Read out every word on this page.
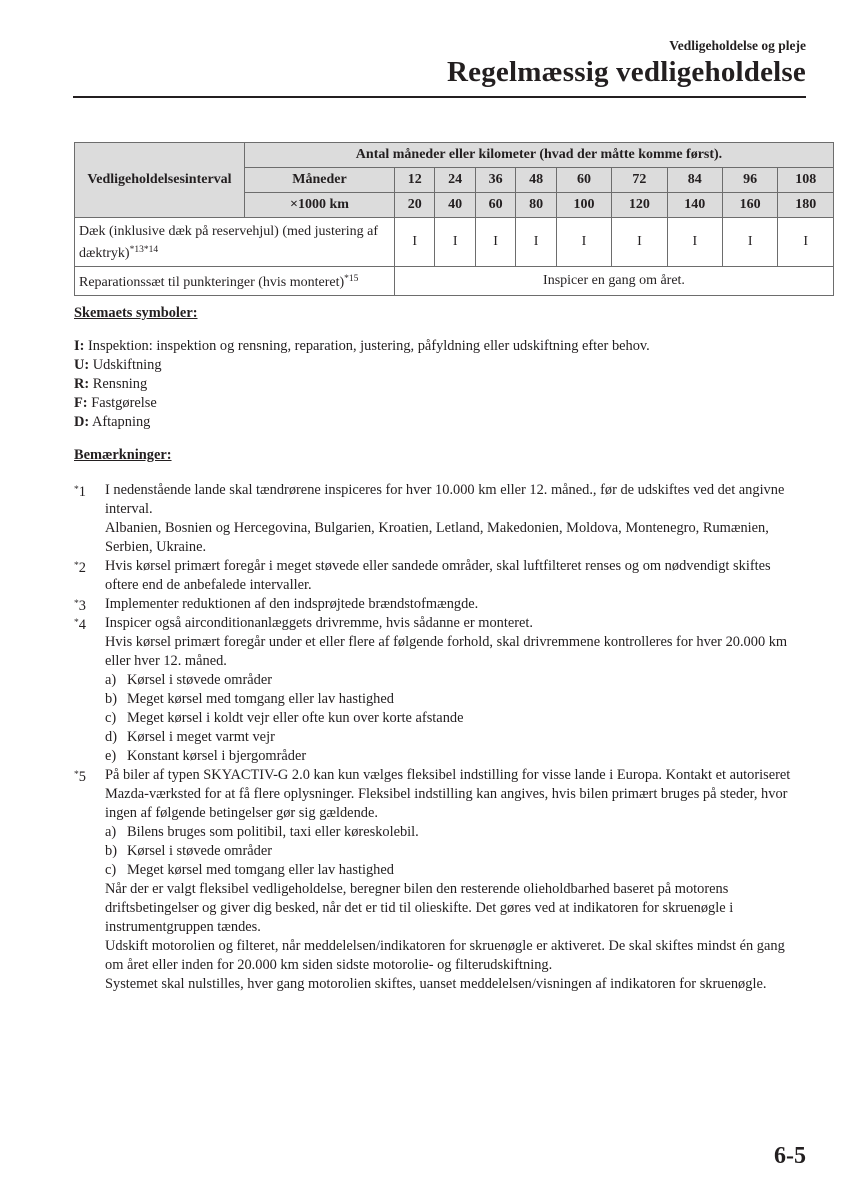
Vedligeholdelse og pleje
Regelmæssig vedligeholdelse
Vedligeholdelsesinterval	Antal måneder eller kilometer (hvad der måtte komme først).									
	Måneder	12	24	36	48	60	72	84	96	108
	×1000 km	20	40	60	80	100	120	140	160	180
Dæk (inklusive dæk på reservehjul) (med justering af dæktryk)$^{*13*14}$		I	I	I	I	I	I	I	I	I
Reparationssæt til punkteringer (hvis monteret)$^{*15}$		Inspicer en gang om året.								
Skemaets symboler:
I: Inspektion: inspektion og rensning, reparation, justering, påfyldning eller udskiftning efter behov.
U: Udskiftning
R: Rensning
F: Fastgørelse
D: Aftapning
Bemærkninger:
*1 I nedenstående lande skal tændrørene inspiceres for hver 10.000 km eller 12. måned., før de udskiftes ved det angivne interval.
Albanien, Bosnien og Hercegovina, Bulgarien, Kroatien, Letland, Makedonien, Moldova, Montenegro, Rumænien, Serbien, Ukraine.
*2 Hvis kørsel primært foregår i meget støvede eller sandede områder, skal luftfilteret renses og om nødvendigt skiftes oftere end de anbefalede intervaller.
*3 Implementer reduktionen af den indsprøjtede brændstofmængde.
*4 Inspicer også airconditionanlæggets drivremme, hvis sådanne er monteret.
Hvis kørsel primært foregår under et eller flere af følgende forhold, skal drivremmene kontrolleres for hver 20.000 km eller hver 12. måned.
a) Kørsel i støvede områder
b) Meget kørsel med tomgang eller lav hastighed
c) Meget kørsel i koldt vejr eller ofte kun over korte afstande
d) Kørsel i meget varmt vejr
e) Konstant kørsel i bjergområder
*5 På biler af typen SKYACTIV-G 2.0 kan kun vælges fleksibel indstilling for visse lande i Europa. Kontakt et autoriseret Mazda-værksted for at få flere oplysninger. Fleksibel indstilling kan angives, hvis bilen primært bruges på steder, hvor ingen af følgende betingelser gør sig gældende.
a) Bilens bruges som politibil, taxi eller køreskolebil.
b) Kørsel i støvede områder
c) Meget kørsel med tomgang eller lav hastighed
Når der er valgt fleksibel vedligeholdelse, beregner bilen den resterende olieholdbarhed baseret på motorens driftsbetingelser og giver dig besked, når det er tid til olieskifte. Det gøres ved at indikatoren for skruenøgle i instrumentgruppen tændes.
Udskift motorolien og filteret, når meddelelsen/indikatoren for skruenøgle er aktiveret. De skal skiftes mindst én gang om året eller inden for 20.000 km siden sidste motorolie- og filterudskiftning.
Systemet skal nulstilles, hver gang motorolien skiftes, uanset meddelelsen/visningen af indikatoren for skruenøgle.
6-5
